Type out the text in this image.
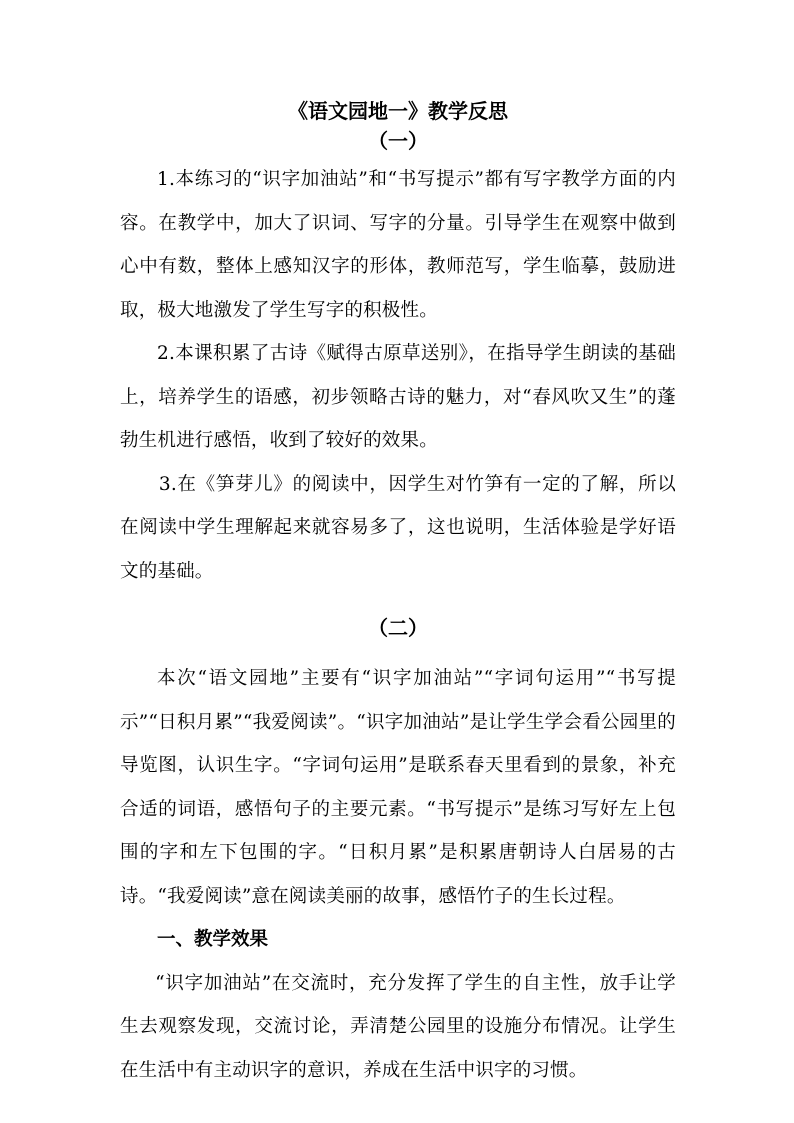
《语文园地一》教学反思
（一）

1.本练习的“识字加油站”和“书写提示”都有写字教学方面的内容。在教学中，加大了识词、写字的分量。引导学生在观察中做到心中有数，整体上感知汉字的形体，教师范写，学生临摹，鼓励进取，极大地激发了学生写字的积极性。

2.本课积累了古诗《赋得古原草送别》，在指导学生朗读的基础上，培养学生的语感，初步领略古诗的魅力，对“春风吹又生”的蓬勃生机进行感悟，收到了较好的效果。

3.在《笋芽儿》的阅读中，因学生对竹笋有一定的了解，所以在阅读中学生理解起来就容易多了，这也说明，生活体验是学好语文的基础。

（二）

本次“语文园地”主要有“识字加油站”“字词句运用”“书写提示”“日积月累”“我爱阅读”。“识字加油站”是让学生学会看公园里的导览图，认识生字。“字词句运用”是联系春天里看到的景象，补充合适的词语，感悟句子的主要元素。“书写提示”是练习写好左上包围的字和左下包围的字。“日积月累”是积累唐朝诗人白居易的古诗。“我爱阅读”意在阅读美丽的故事，感悟竹子的生长过程。

一、教学效果

“识字加油站”在交流时，充分发挥了学生的自主性，放手让学生去观察发现，交流讨论，弄清楚公园里的设施分布情况。让学生在生活中有主动识字的意识，养成在生活中识字的习惯。
